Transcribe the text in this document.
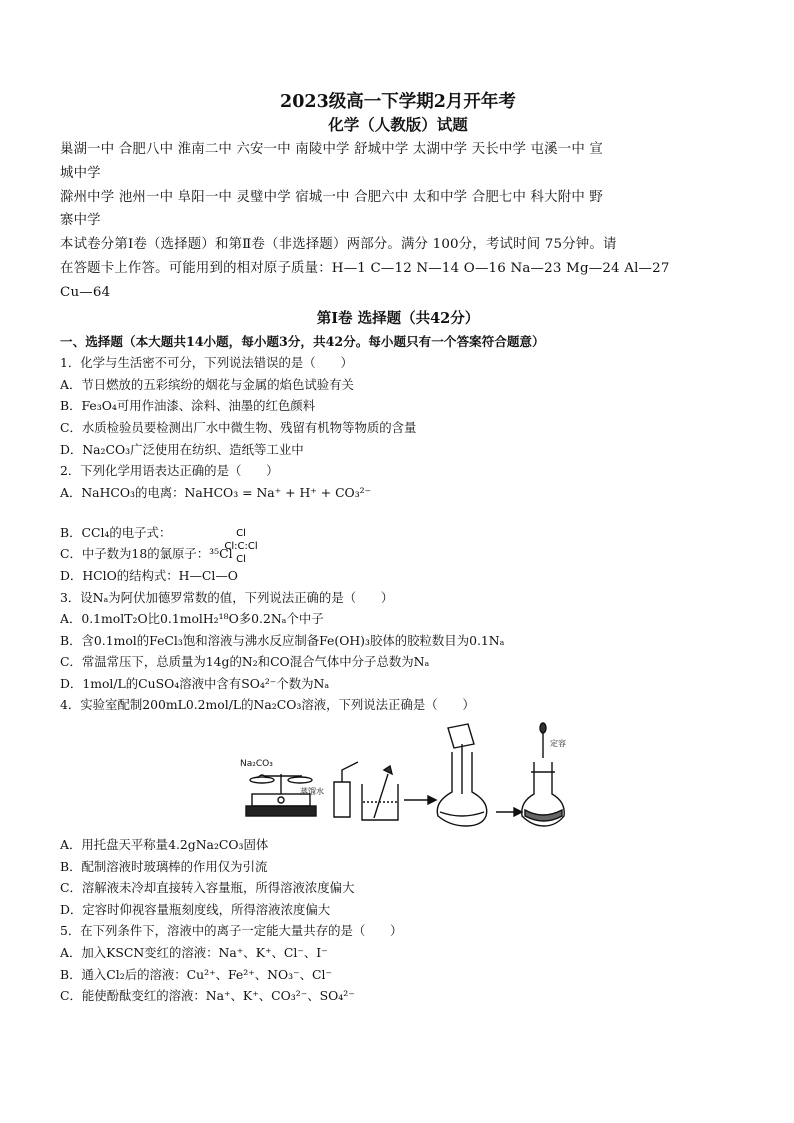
2023级高一下学期2月开年考
化学（人教版）试题

巢湖一中 合肥八中 淮南二中 六安一中 南陵中学 舒城中学 太湖中学 天长中学 屯溪一中 宣

城中学

滁州中学 池州一中 阜阳一中 灵璧中学 宿城一中 合肥六中 太和中学 合肥七中 科大附中 野

寨中学

本试卷分第Ⅰ卷（选择题）和第Ⅱ卷（非选择题）两部分。满分 100分，考试时间 75分钟。请

在答题卡上作答。可能用到的相对原子质量：H—1 C—12 N—14 O—16 Na—23 Mg—24 Al—27

Cu—64

第Ⅰ卷 选择题（共42分）
一、选择题（本大题共14小题，每小题3分，共42分。每小题只有一个答案符合题意）

1．化学与生活密不可分，下列说法错误的是（　　）

A．节日燃放的五彩缤纷的烟花与金属的焰色试验有关

B．Fe₃O₄可用作油漆、涂料、油墨的红色颜料

C．水质检验员要检测出厂水中微生物、残留有机物等物质的含量

D．Na₂CO₃广泛使用在纺织、造纸等工业中

2．下列化学用语表达正确的是（　　）

A．NaHCO₃的电离：NaHCO₃ = Na⁺ + H⁺ + CO₃²⁻

B．CCl₄的电子式：	Cl
Cl:C:Cl
Cl

C．中子数为18的氯原子：³⁵Cl

D．HClO的结构式：H—Cl—O

3．设Nₐ为阿伏加德罗常数的值，下列说法正确的是（　　）

A．0.1molT₂O比0.1molH₂¹⁸O多0.2Nₐ个中子

B．含0.1mol的FeCl₃饱和溶液与沸水反应制备Fe(OH)₃胶体的胶粒数目为0.1Nₐ

C．常温常压下，总质量为14g的N₂和CO混合气体中分子总数为Nₐ

D．1mol/L的CuSO₄溶液中含有SO₄²⁻个数为Nₐ

4．实验室配制200mL0.2mol/L的Na₂CO₃溶液，下列说法正确是（　　）

Na₂CO₃
蒸馏水
定容

A．用托盘天平称量4.2gNa₂CO₃固体

B．配制溶液时玻璃棒的作用仅为引流

C．溶解液未冷却直接转入容量瓶，所得溶液浓度偏大

D．定容时仰视容量瓶刻度线，所得溶液浓度偏大

5．在下列条件下，溶液中的离子一定能大量共存的是（　　）

A．加入KSCN变红的溶液：Na⁺、K⁺、Cl⁻、I⁻

B．通入Cl₂后的溶液：Cu²⁺、Fe²⁺、NO₃⁻、Cl⁻

C．能使酚酞变红的溶液：Na⁺、K⁺、CO₃²⁻、SO₄²⁻
